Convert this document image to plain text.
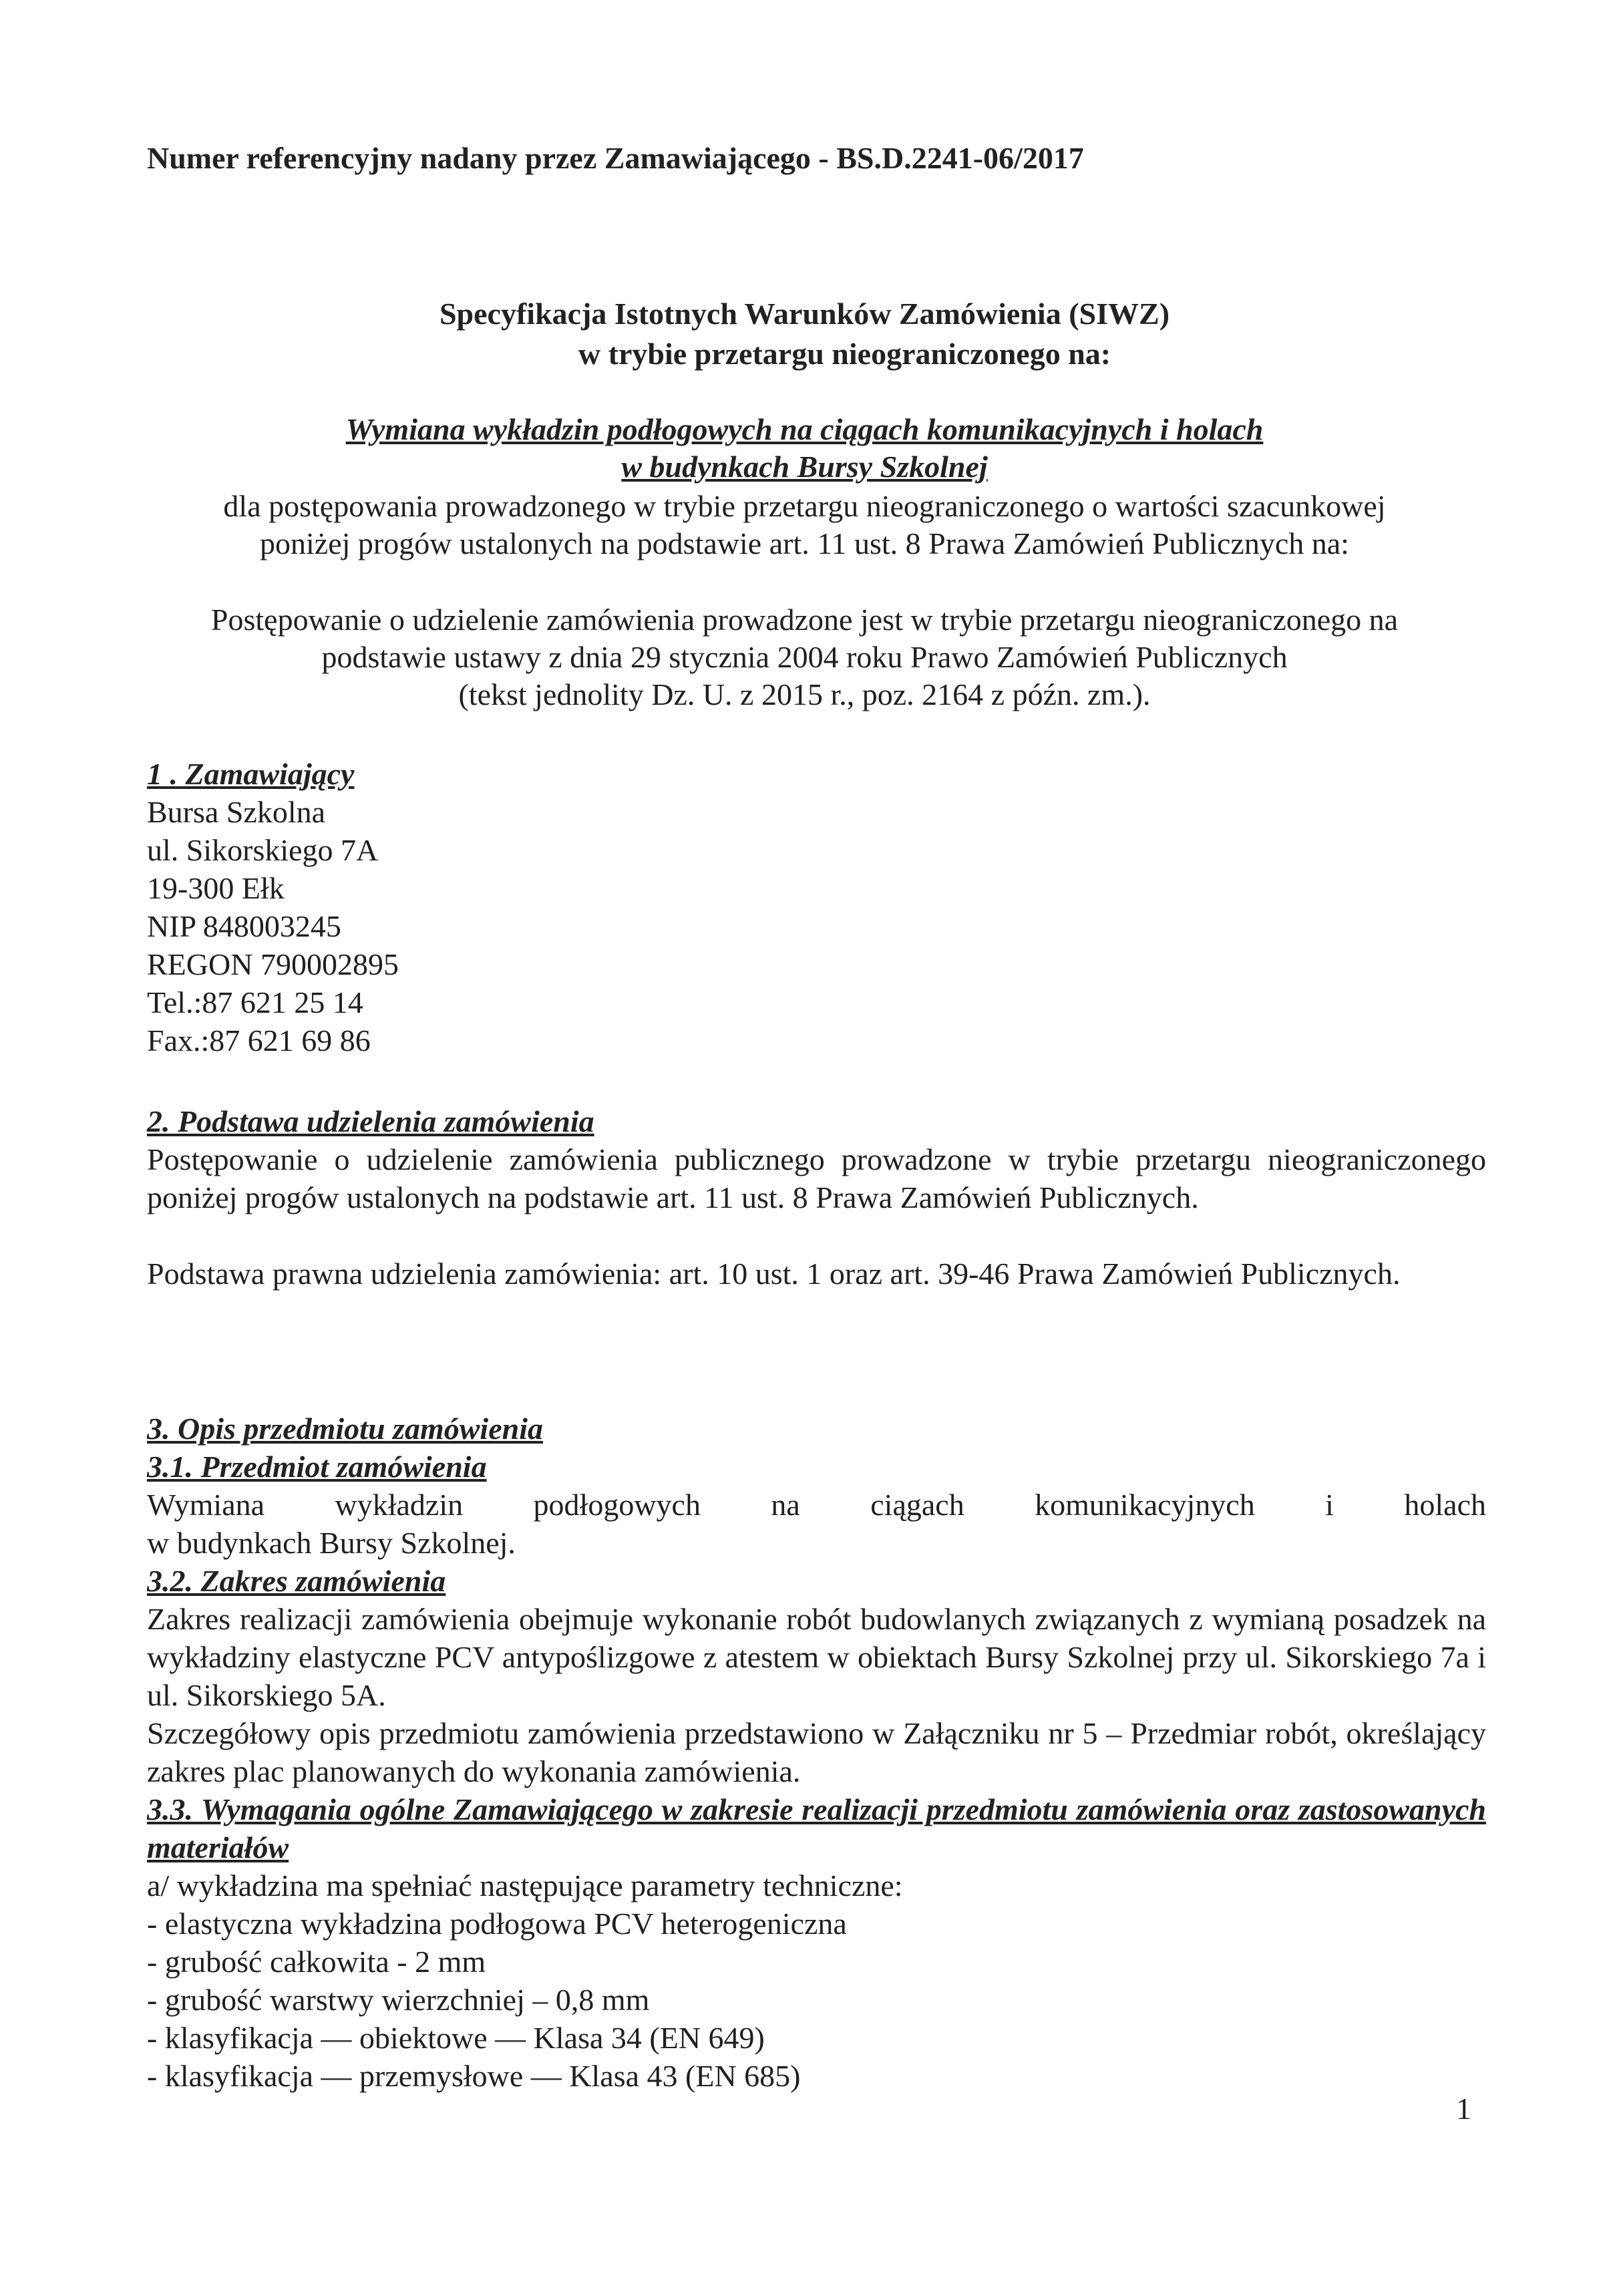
Numer referencyjny nadany przez Zamawiającego - BS.D.2241-06/2017
Specyfikacja Istotnych Warunków Zamówienia (SIWZ)
w trybie przetargu nieograniczonego na:
Wymiana wykładzin podłogowych na ciągach komunikacyjnych i holach
w budynkach Bursy Szkolnej
dla postępowania prowadzonego w trybie przetargu nieograniczonego o wartości szacunkowej
poniżej progów ustalonych na podstawie art. 11 ust. 8 Prawa Zamówień Publicznych na:
Postępowanie o udzielenie zamówienia prowadzone jest w trybie przetargu nieograniczonego na
podstawie ustawy z dnia 29 stycznia 2004 roku Prawo Zamówień Publicznych
(tekst jednolity Dz. U. z 2015 r., poz. 2164 z późn. zm.).
1 . Zamawiający
Bursa Szkolna
ul. Sikorskiego 7A
19-300 Ełk
NIP 848003245
REGON 790002895
Tel.:87 621 25 14
Fax.:87 621 69 86
2. Podstawa udzielenia zamówienia
Postępowanie o udzielenie zamówienia publicznego prowadzone w trybie przetargu nieograniczonego poniżej progów ustalonych na podstawie art. 11 ust. 8 Prawa Zamówień Publicznych.
Podstawa prawna udzielenia zamówienia: art. 10 ust. 1 oraz art. 39-46 Prawa Zamówień Publicznych.
3. Opis przedmiotu zamówienia
3.1. Przedmiot zamówienia
Wymiana wykładzin podłogowych na ciągach komunikacyjnych i holach
w budynkach Bursy Szkolnej.
3.2. Zakres zamówienia
Zakres realizacji zamówienia obejmuje wykonanie robót budowlanych związanych z wymianą posadzek na wykładziny elastyczne PCV antypoślizgowe z atestem w obiektach Bursy Szkolnej przy ul. Sikorskiego 7a i ul. Sikorskiego 5A.
Szczegółowy opis przedmiotu zamówienia przedstawiono w Załączniku nr 5 – Przedmiar robót, określający zakres plac planowanych do wykonania zamówienia.
3.3. Wymagania ogólne Zamawiającego w zakresie realizacji przedmiotu zamówienia oraz zastosowanych materiałów
a/ wykładzina ma spełniać następujące parametry techniczne:
- elastyczna wykładzina podłogowa PCV heterogeniczna
- grubość całkowita - 2 mm
- grubość warstwy wierzchniej – 0,8 mm
- klasyfikacja — obiektowe — Klasa 34 (EN 649)
- klasyfikacja — przemysłowe — Klasa 43 (EN 685)
1
